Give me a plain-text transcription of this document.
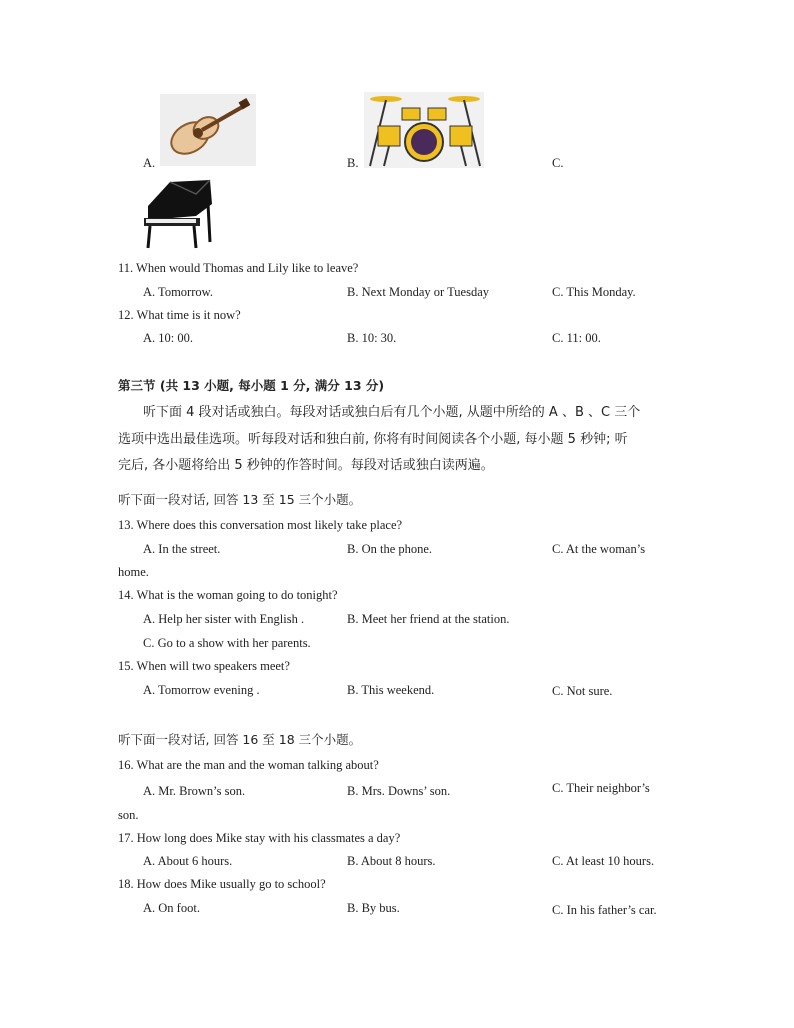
A.	B.	C.
11. When would Thomas and Lily like to leave?
A. Tomorrow.	B. Next Monday or Tuesday	C. This Monday.
12. What time is it now?
A. 10: 00.	B. 10: 30.	C. 11: 00.
第三节 (共 13 小题, 每小题 1 分, 满分 13 分)
听下面 4 段对话或独白。每段对话或独白后有几个小题, 从题中所给的 A 、B 、C 三个
选项中选出最佳选项。听每段对话和独白前, 你将有时间阅读各个小题, 每小题 5 秒钟; 听
完后, 各小题将给出 5 秒钟的作答时间。每段对话或独白读两遍。
听下面一段对话, 回答 13 至 15 三个小题。
13. Where does this conversation most likely take place?
A. In the street.	B. On the phone.	C. At the woman’s
home.
14. What is the woman going to do tonight?
A. Help her sister with English .	B. Meet her friend at the station.
C. Go to a show with her parents.
15. When will two speakers meet?
A. Tomorrow evening .	B. This weekend.	C. Not sure.
听下面一段对话, 回答 16 至 18 三个小题。
16. What are the man and the woman talking about?
A. Mr. Brown’s son.	B. Mrs. Downs’ son.	C. Their neighbor’s
son.
17. How long does Mike stay with his classmates a day?
A. About 6 hours.	B. About 8 hours.	C. At least 10 hours.
18. How does Mike usually go to school?
A. On foot.	B. By bus.	C. In his father’s car.
